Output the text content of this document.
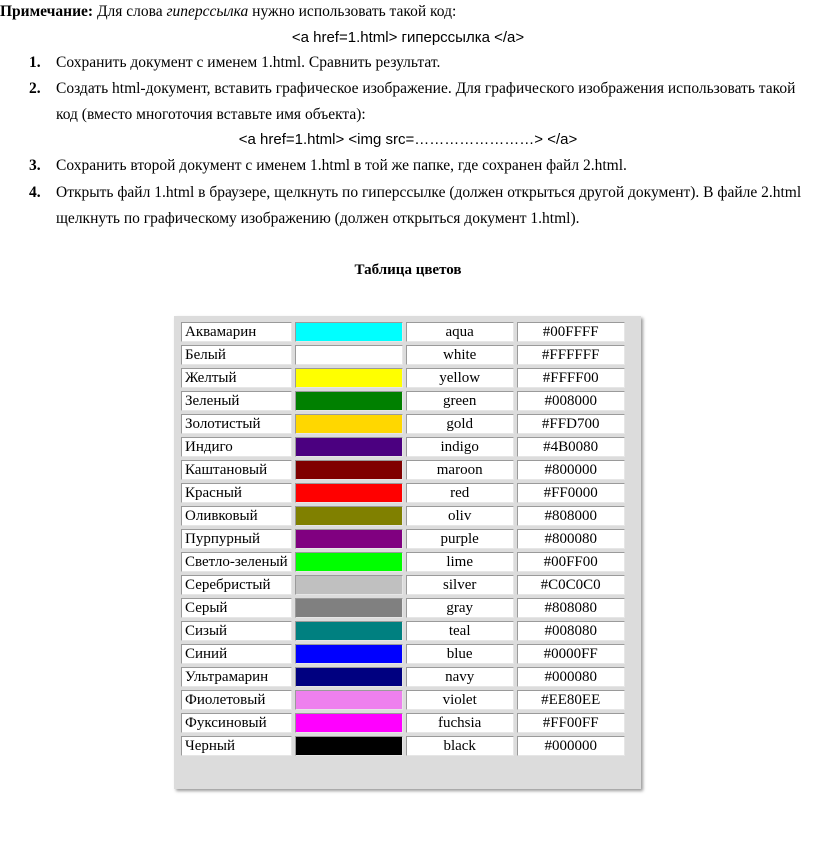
Примечание: Для слова гиперссылка нужно использовать такой код:
<a href=1.html> гиперссылка </a>
1. Сохранить документ с именем 1.html. Сравнить результат.
2. Создать html-документ, вставить графическое изображение. Для графического изображения использовать такой код (вместо многоточия вставьте имя объекта):
<a href=1.html> <img src=……………………> </a>
3. Сохранить второй документ с именем 1.html в той же папке, где сохранен файл 2.html.
4. Открыть файл 1.html в браузере, щелкнуть по гиперссылке (должен открыться другой документ). В файле 2.html щелкнуть по графическому изображению (должен открыться документ 1.html).
Таблица цветов
Аквамарин		aqua	#00FFFF
Белый		white	#FFFFFF
Желтый		yellow	#FFFF00
Зеленый		green	#008000
Золотистый		gold	#FFD700
Индиго		indigo	#4B0080
Каштановый		maroon	#800000
Красный		red	#FF0000
Оливковый		oliv	#808000
Пурпурный		purple	#800080
Светло-зеленый		lime	#00FF00
Серебристый		silver	#C0C0C0
Серый		gray	#808080
Сизый		teal	#008080
Синий		blue	#0000FF
Ультрамарин		navy	#000080
Фиолетовый		violet	#EE80EE
Фуксиновый		fuchsia	#FF00FF
Черный		black	#000000
